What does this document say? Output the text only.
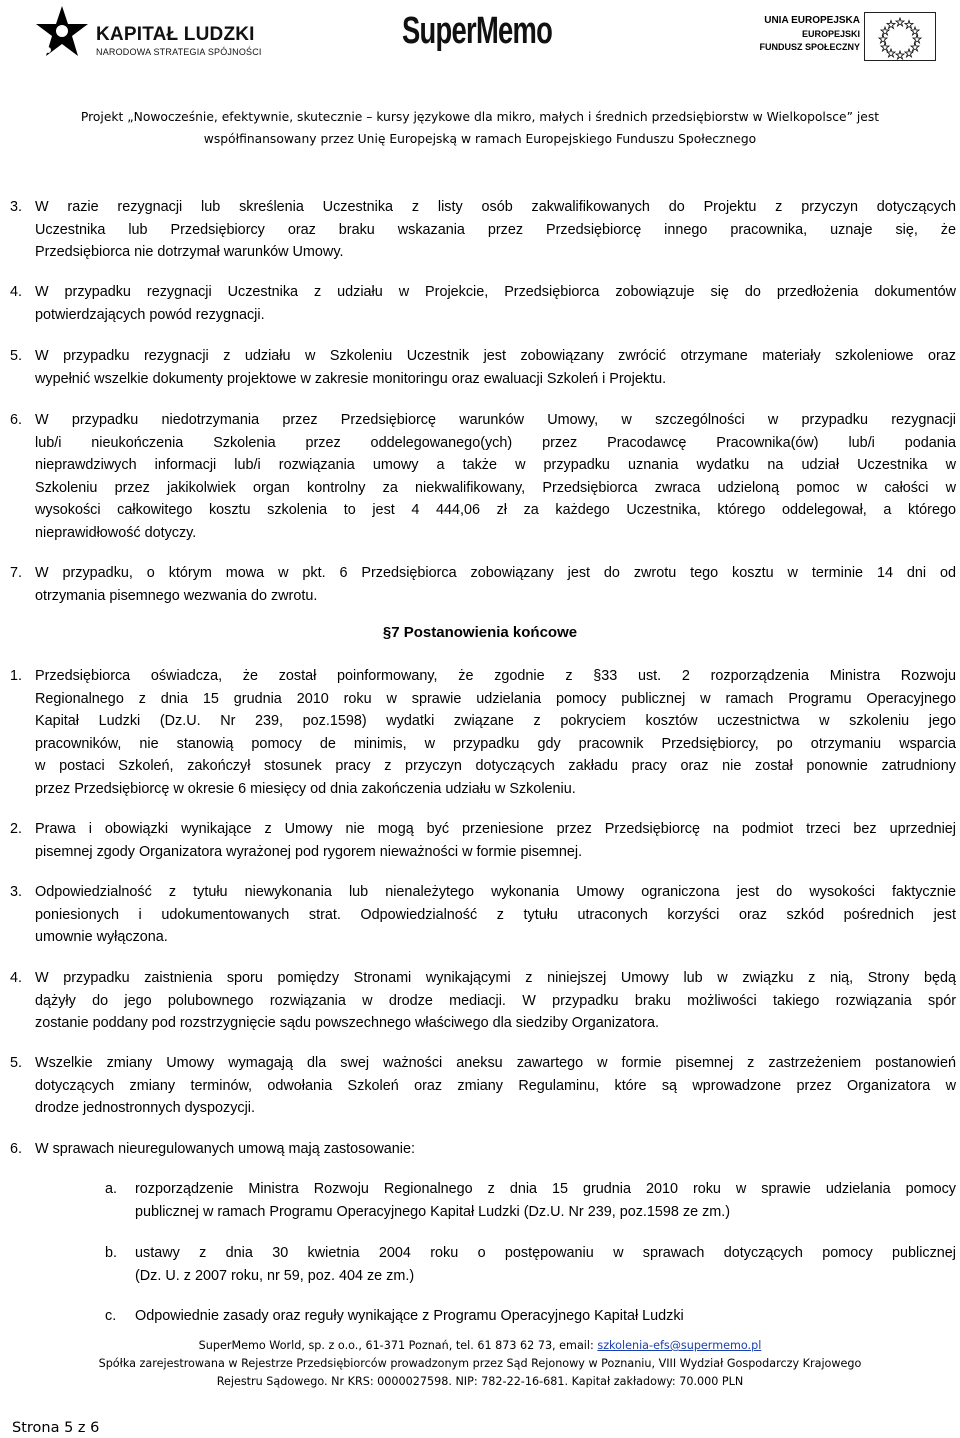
KAPITAŁ LUDZKI
NARODOWA STRATEGIA SPÓJNOŚCI	SuperMemo	UNIA EUROPEJSKA
EUROPEJSKI
FUNDUSZ SPOŁECZNY
Projekt „Nowocześnie, efektywnie, skutecznie – kursy językowe dla mikro, małych i średnich przedsiębiorstw w Wielkopolsce” jest
współfinansowany przez Unię Europejską w ramach Europejskiego Funduszu Społecznego
3. W razie rezygnacji lub skreślenia Uczestnika z listy osób zakwalifikowanych do Projektu z przyczyn dotyczących
Uczestnika lub Przedsiębiorcy oraz braku wskazania przez Przedsiębiorcę innego pracownika, uznaje się, że
Przedsiębiorca nie dotrzymał warunków Umowy.
4. W przypadku rezygnacji Uczestnika z udziału w Projekcie, Przedsiębiorca zobowiązuje się do przedłożenia dokumentów
potwierdzających powód rezygnacji.
5. W przypadku rezygnacji z udziału w Szkoleniu Uczestnik jest zobowiązany zwrócić otrzymane materiały szkoleniowe oraz
wypełnić wszelkie dokumenty projektowe w zakresie monitoringu oraz ewaluacji Szkoleń i Projektu.
6. W przypadku niedotrzymania przez Przedsiębiorcę warunków Umowy, w szczególności w przypadku rezygnacji
lub/i nieukończenia Szkolenia przez oddelegowanego(ych) przez Pracodawcę Pracownika(ów) lub/i podania
nieprawdziwych informacji lub/i rozwiązania umowy a także w przypadku uznania wydatku na udział Uczestnika w
Szkoleniu przez jakikolwiek organ kontrolny za niekwalifikowany, Przedsiębiorca zwraca udzieloną pomoc w całości w
wysokości całkowitego kosztu szkolenia to jest 4 444,06 zł za każdego Uczestnika, którego oddelegował, a którego
nieprawidłowość dotyczy.
7. W przypadku, o którym mowa w pkt. 6 Przedsiębiorca zobowiązany jest do zwrotu tego kosztu w terminie 14 dni od
otrzymania pisemnego wezwania do zwrotu.
§7 Postanowienia końcowe
1. Przedsiębiorca oświadcza, że został poinformowany, że zgodnie z §33 ust. 2 rozporządzenia Ministra Rozwoju
Regionalnego z dnia 15 grudnia 2010 roku w sprawie udzielania pomocy publicznej w ramach Programu Operacyjnego
Kapitał Ludzki (Dz.U. Nr 239, poz.1598) wydatki związane z pokryciem kosztów uczestnictwa w szkoleniu jego
pracowników, nie stanowią pomocy de minimis, w przypadku gdy pracownik Przedsiębiorcy, po otrzymaniu wsparcia
w postaci Szkoleń, zakończył stosunek pracy z przyczyn dotyczących zakładu pracy oraz nie został ponownie zatrudniony
przez Przedsiębiorcę w okresie 6 miesięcy od dnia zakończenia udziału w Szkoleniu.
2. Prawa i obowiązki wynikające z Umowy nie mogą być przeniesione przez Przedsiębiorcę na podmiot trzeci bez uprzedniej
pisemnej zgody Organizatora wyrażonej pod rygorem nieważności w formie pisemnej.
3. Odpowiedzialność z tytułu niewykonania lub nienależytego wykonania Umowy ograniczona jest do wysokości faktycznie
poniesionych i udokumentowanych strat. Odpowiedzialność z tytułu utraconych korzyści oraz szkód pośrednich jest
umownie wyłączona.
4. W przypadku zaistnienia sporu pomiędzy Stronami wynikającymi z niniejszej Umowy lub w związku z nią, Strony będą
dążyły do jego polubownego rozwiązania w drodze mediacji. W przypadku braku możliwości takiego rozwiązania spór
zostanie poddany pod rozstrzygnięcie sądu powszechnego właściwego dla siedziby Organizatora.
5. Wszelkie zmiany Umowy wymagają dla swej ważności aneksu zawartego w formie pisemnej z zastrzeżeniem postanowień
dotyczących zmiany terminów, odwołania Szkoleń oraz zmiany Regulaminu, które są wprowadzone przez Organizatora w
drodze jednostronnych dyspozycji.
6. W sprawach nieuregulowanych umową mają zastosowanie:
a. rozporządzenie Ministra Rozwoju Regionalnego z dnia 15 grudnia 2010 roku w sprawie udzielania pomocy
publicznej w ramach Programu Operacyjnego Kapitał Ludzki (Dz.U. Nr 239, poz.1598 ze zm.)
b. ustawy z dnia 30 kwietnia 2004 roku o postępowaniu w sprawach dotyczących pomocy publicznej
(Dz. U. z 2007 roku, nr 59, poz. 404 ze zm.)
c. Odpowiednie zasady oraz reguły wynikające z Programu Operacyjnego Kapitał Ludzki
SuperMemo World, sp. z o.o., 61-371 Poznań, tel. 61 873 62 73, email: szkolenia-efs@supermemo.pl
Spółka zarejestrowana w Rejestrze Przedsiębiorców prowadzonym przez Sąd Rejonowy w Poznaniu, VIII Wydział Gospodarczy Krajowego
Rejestru Sądowego. Nr KRS: 0000027598. NIP: 782-22-16-681. Kapitał zakładowy: 70.000 PLN
Strona 5 z 6
